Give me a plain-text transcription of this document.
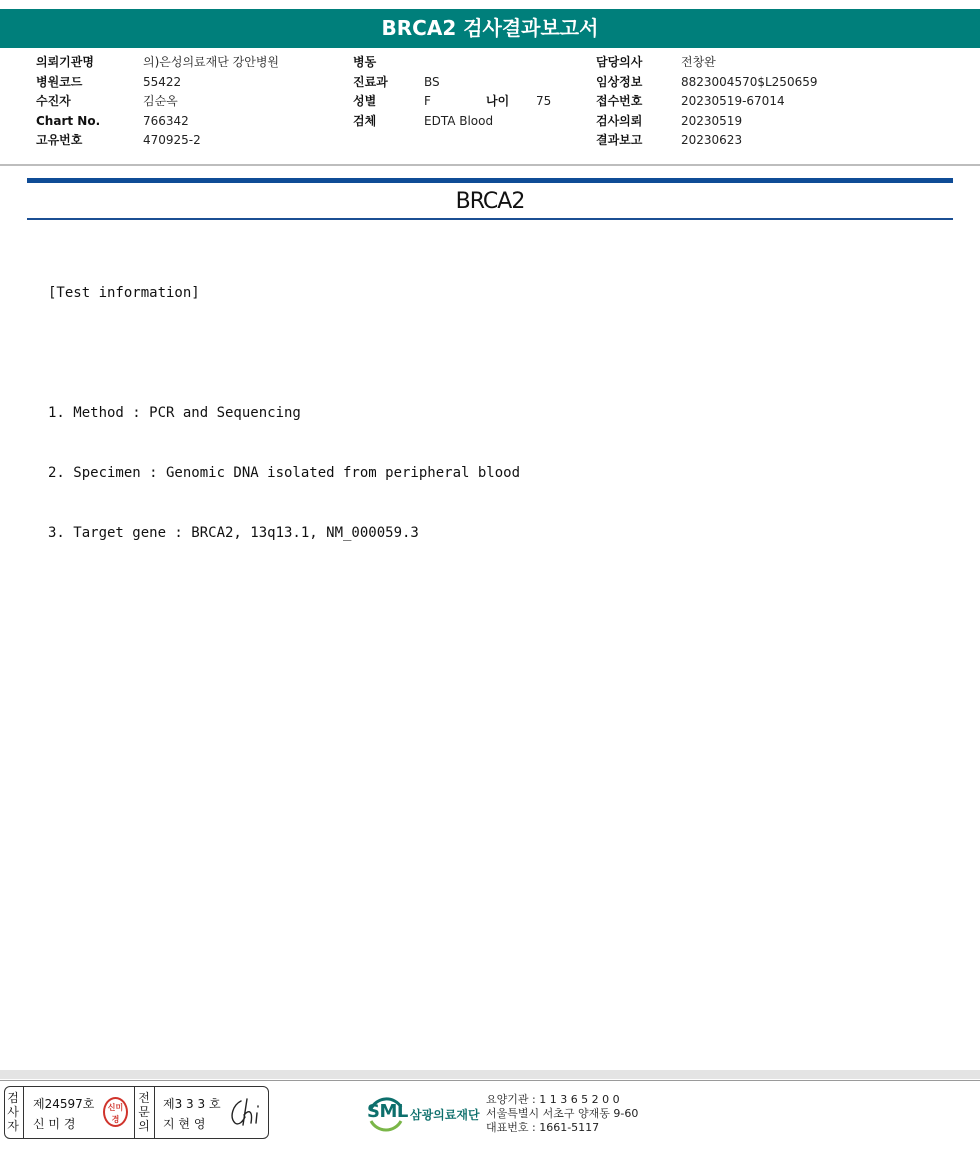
BRCA2 검사결과보고서
의뢰기관명	의)은성의료재단 강안병원
병원코드	55422
수진자	김순옥
Chart No.	766342
고유번호	470925-2
병동
진료과	BS
성별	F	나이	75
검체	EDTA Blood
담당의사	전창완
임상정보	8823004570$L250659
접수번호	20230519-67014
검사의뢰	20230519
결과보고	20230623
BRCA2

[Test information]

1. Method : PCR and Sequencing

2. Specimen : Genomic DNA isolated from peripheral blood

3. Target gene : BRCA2, 13q13.1, NM_000059.3

검사자
제24597호
신 미 경
신미경
전문의
제3 3 3 호
지 현 영
SML 삼광의료재단
요양기관 : 1 1 3 6 5 2 0 0
서울특별시 서초구 양재동 9-60
대표번호 : 1661-5117
